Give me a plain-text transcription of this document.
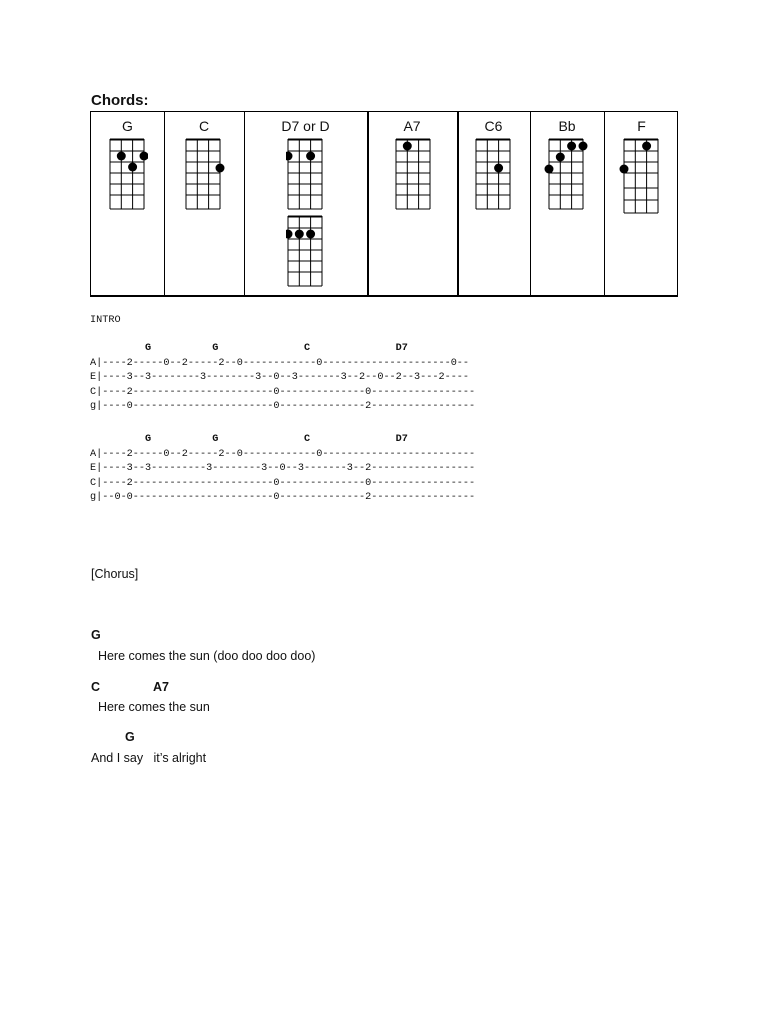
Chords:
G	C	D7 or D	A7	C6	Bb	F
INTRO
G          G              C              D7
A|----2-----0--2-----2--0------------0---------------------0--
E|----3--3--------3--------3--0--3-------3--2--0--2--3---2----
C|----2-----------------------0--------------0-----------------
g|----0-----------------------0--------------2-----------------
G          G              C              D7
A|----2-----0--2-----2--0------------0-------------------------
E|----3--3---------3--------3--0--3-------3--2-----------------
C|----2-----------------------0--------------0-----------------
g|--0-0-----------------------0--------------2-----------------
[Chorus]
G
Here comes the sun (doo doo doo doo)
C	A7
Here comes the sun
G
And I say   it’s alright
